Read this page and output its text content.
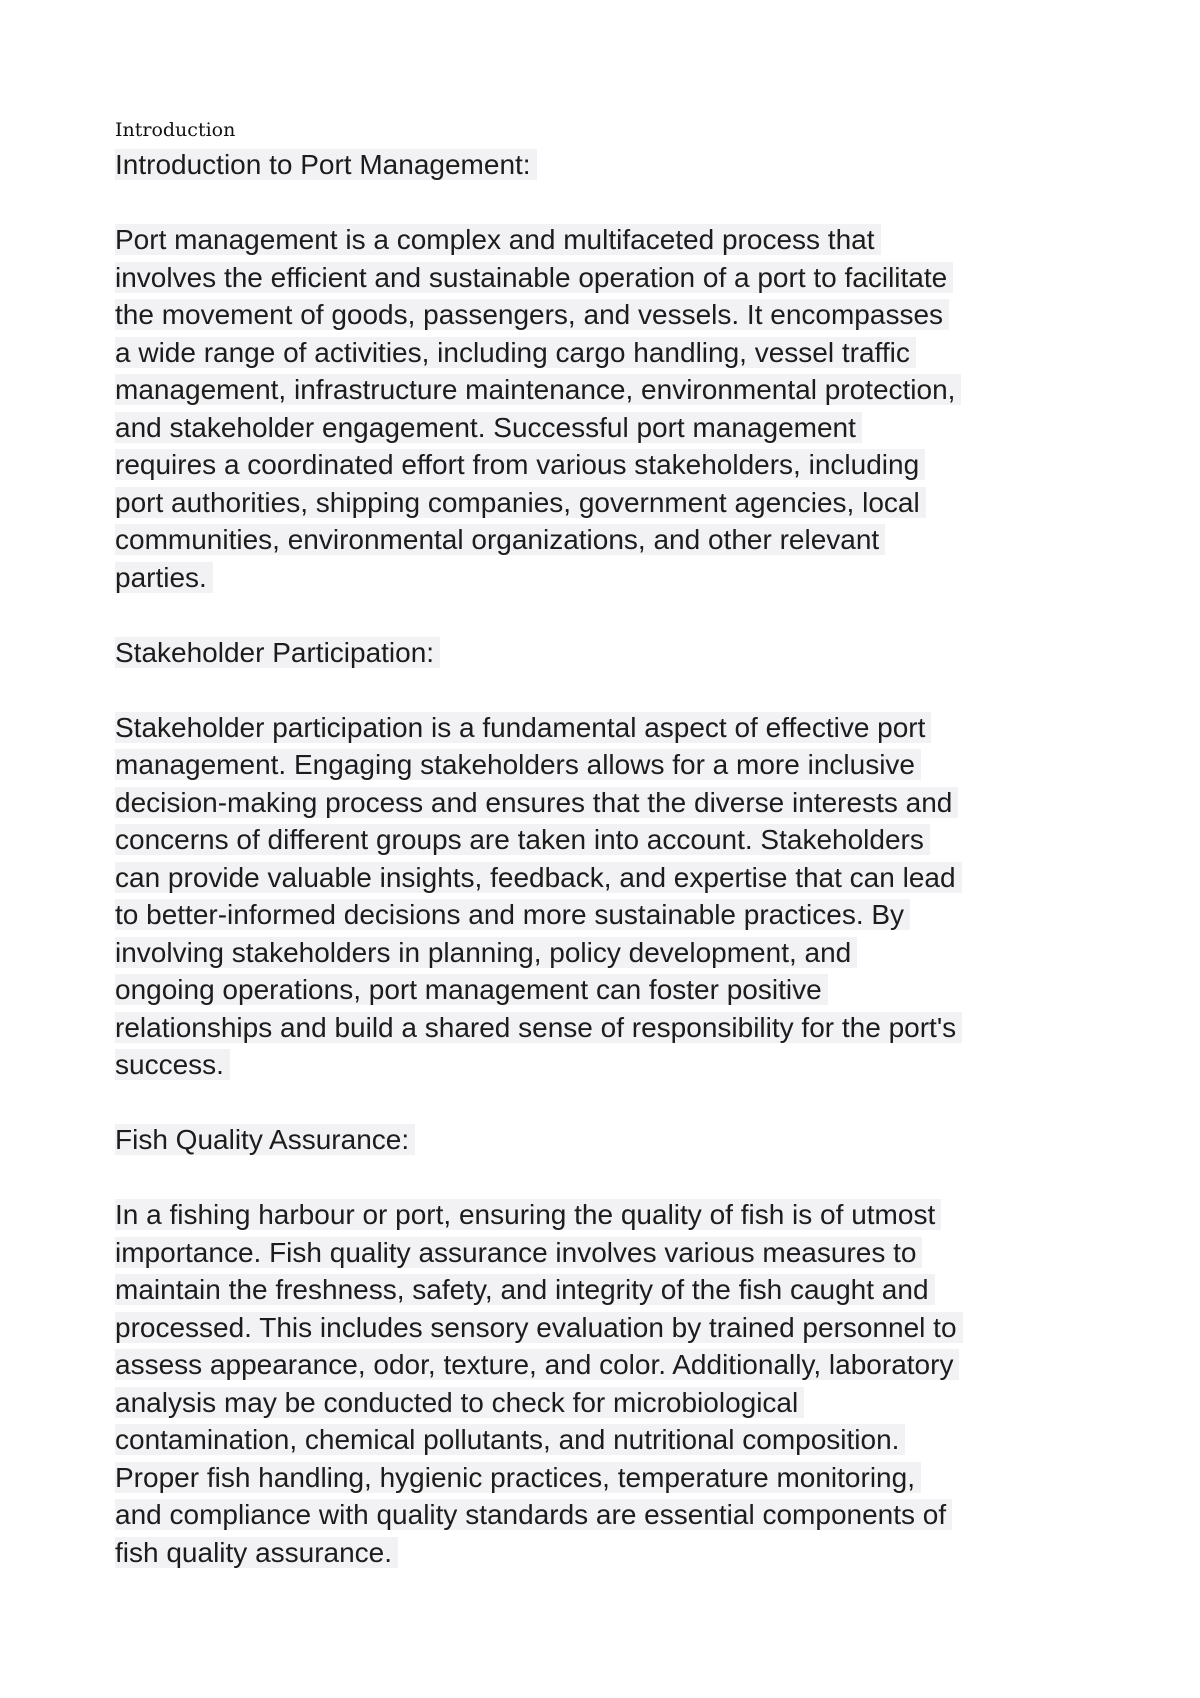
Introduction

Introduction to Port Management:

Port management is a complex and multifaceted process that

involves the efficient and sustainable operation of a port to facilitate

the movement of goods, passengers, and vessels. It encompasses

a wide range of activities, including cargo handling, vessel traffic

management, infrastructure maintenance, environmental protection,

and stakeholder engagement. Successful port management

requires a coordinated effort from various stakeholders, including

port authorities, shipping companies, government agencies, local

communities, environmental organizations, and other relevant

parties.

Stakeholder Participation:

Stakeholder participation is a fundamental aspect of effective port

management. Engaging stakeholders allows for a more inclusive

decision-making process and ensures that the diverse interests and

concerns of different groups are taken into account. Stakeholders

can provide valuable insights, feedback, and expertise that can lead

to better-informed decisions and more sustainable practices. By

involving stakeholders in planning, policy development, and

ongoing operations, port management can foster positive

relationships and build a shared sense of responsibility for the port's

success.

Fish Quality Assurance:

In a fishing harbour or port, ensuring the quality of fish is of utmost

importance. Fish quality assurance involves various measures to

maintain the freshness, safety, and integrity of the fish caught and

processed. This includes sensory evaluation by trained personnel to

assess appearance, odor, texture, and color. Additionally, laboratory

analysis may be conducted to check for microbiological

contamination, chemical pollutants, and nutritional composition.

Proper fish handling, hygienic practices, temperature monitoring,

and compliance with quality standards are essential components of

fish quality assurance.
